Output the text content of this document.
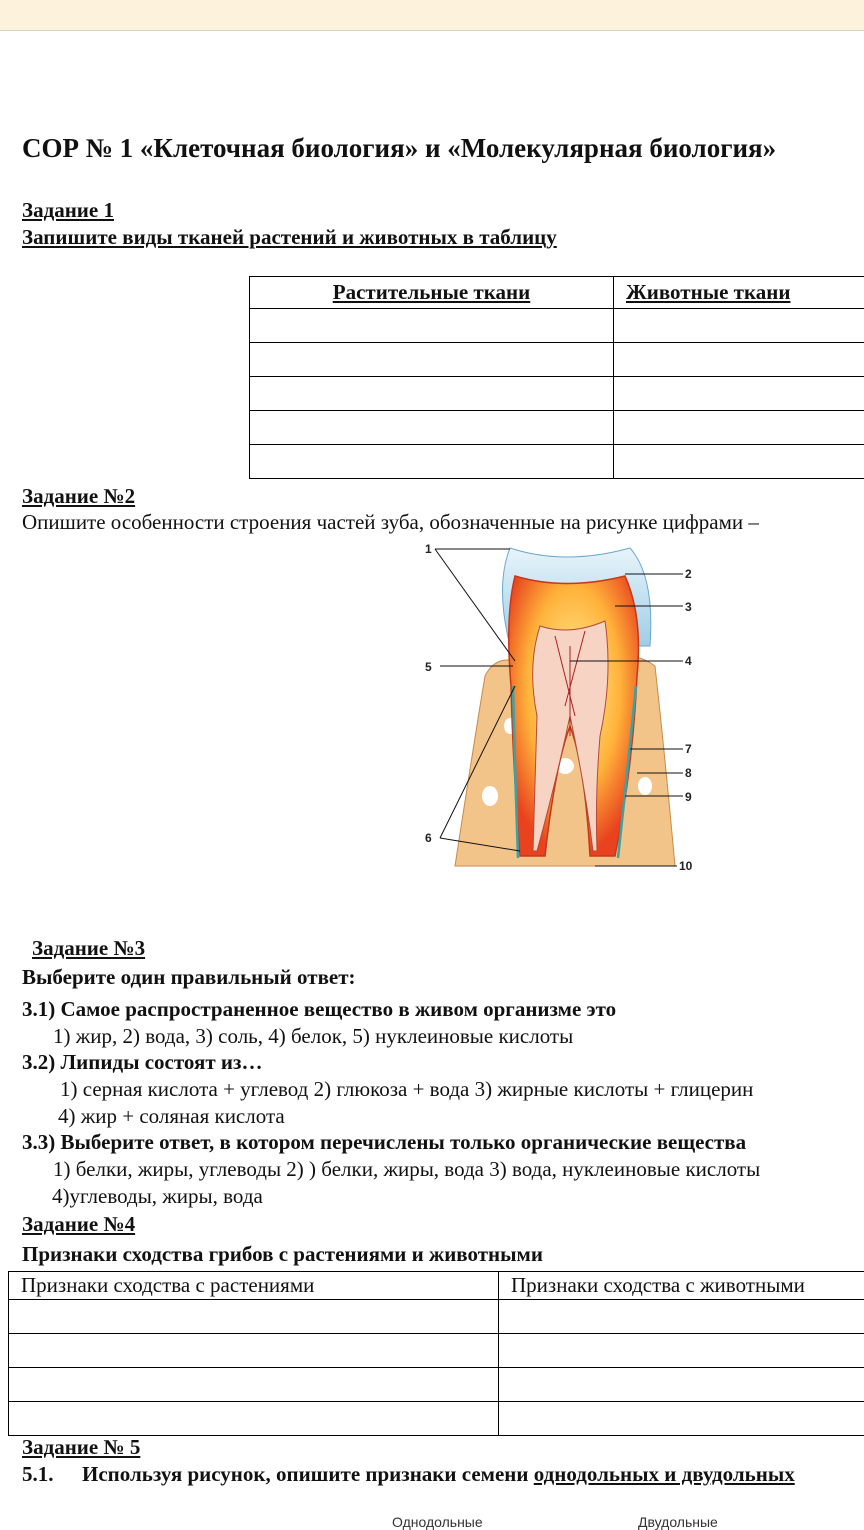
СОР № 1 «Клеточная биология» и «Молекулярная биология»
Задание 1
Запишите виды тканей растений и животных в таблицу
Растительные ткани	Животные ткани

Задание №2
Опишите особенности строения частей зуба, обозначенные на рисунке цифрами –
1
2
3
4
5
6
7
8
9
10
Задание №3
Выберите один правильный ответ:
3.1) Самое распространенное вещество в живом организме это
1) жир, 2) вода, 3) соль, 4) белок, 5) нуклеиновые кислоты
3.2) Липиды состоят из…
1) серная кислота + углевод 2) глюкоза + вода 3) жирные кислоты + глицерин
4) жир + соляная кислота
3.3) Выберите ответ, в котором перечислены только органические вещества
1) белки, жиры, углеводы 2) ) белки, жиры, вода 3) вода, нуклеиновые кислоты
4)углеводы, жиры, вода
Задание №4
Признаки сходства грибов с растениями и животными
Признаки сходства с растениями	Признаки сходства с животными

Задание № 5
5.1. Используя рисунок, опишите признаки семени однодольных и двудольных
Однодольные	Двудольные
